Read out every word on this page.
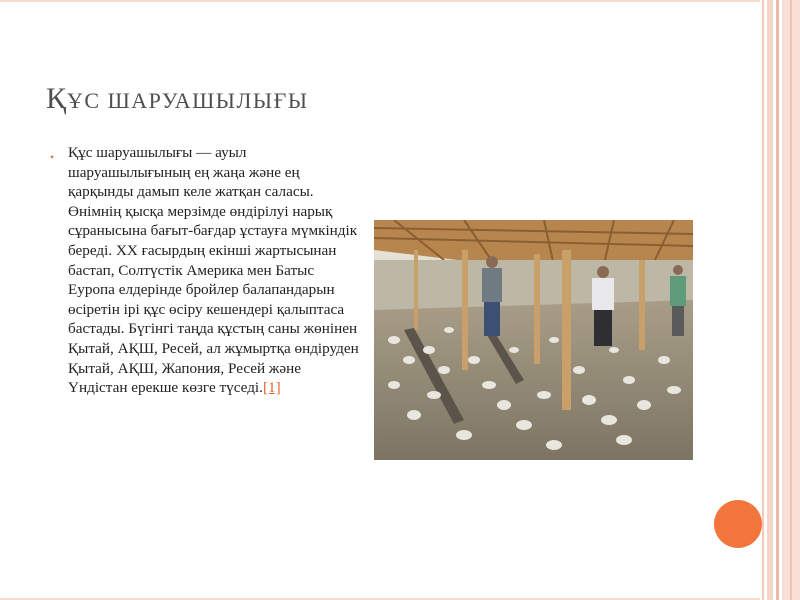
ҚҰС ШАРУАШЫЛЫҒЫ
• Құс шаруашылығы — ауыл шаруашылығының ең жаңа және ең қарқынды дамып келе жатқан саласы. Өнімнің қысқа мерзімде өндірілуі нарық сұранысына бағыт-бағдар ұстауға мүмкіндік береді. XX ғасырдың екінші жартысынан бастап, Солтүстік Америка мен Батыс Еуропа елдерінде бройлер балапандарын өсіретін ірі құс өсіру кешендері қалыптаса бастады. Бүгінгі таңда құстың саны жөнінен Қытай, АҚШ, Ресей, ал жұмыртқа өндіруден Қытай, АҚШ, Жапония, Ресей және Үндістан ерекше көзге түседі.[1]
